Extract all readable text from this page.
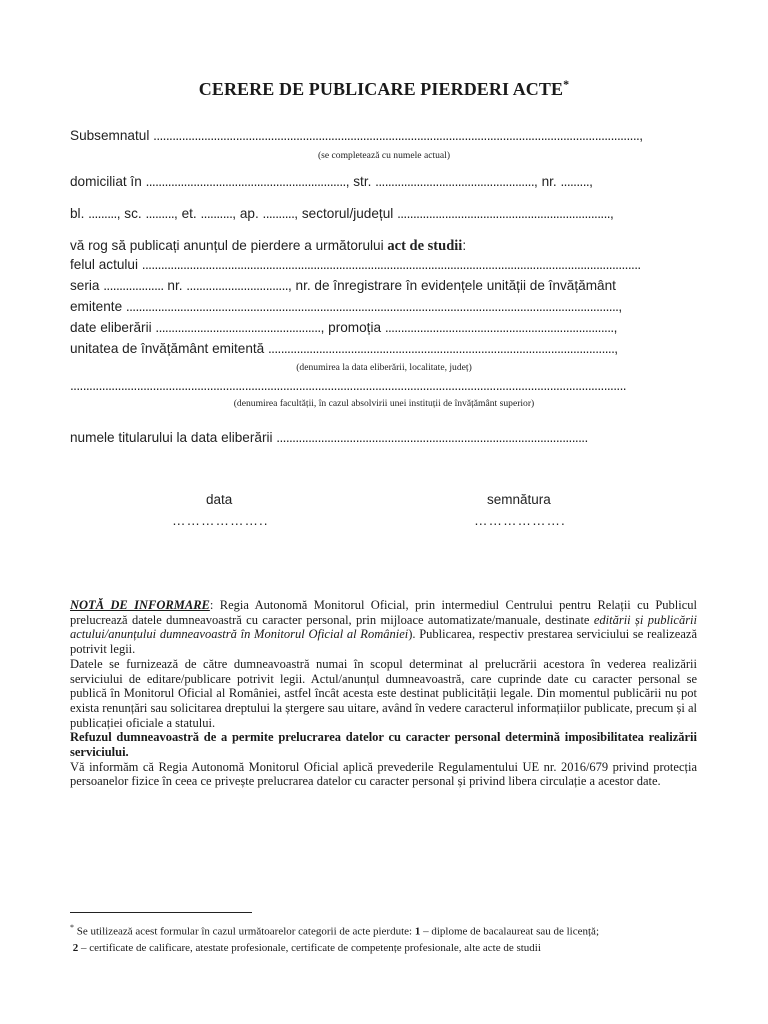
CERERE DE PUBLICARE PIERDERI ACTE*
Subsemnatul .........................................................................................................................................................,
(se completează cu numele actual)
domiciliat în ..............................................................., str. .................................................., nr. .........,
bl. ........., sc. ........., et. .........., ap. .........., sectorul/județul ...................................................................,
vă rog să publicați anunțul de pierdere a următorului act de studii:
felul actului .............................................................................................................................................................
seria ................... nr. ................................, nr. de înregistrare în evidențele unității de învățământ
emitente ...........................................................................................................................................................,
date eliberării ...................................................., promoția ........................................................................,
unitatea de învățământ emitentă .............................................................................................................,
(denumirea la data eliberării, localitate, județ)
...............................................................................................................................................................................
(denumirea facultății, în cazul absolvirii unei instituții de învățământ superior)
numele titularului la data eliberării ..................................................................................................
data
………………..
semnătura
……………….

NOTĂ DE INFORMARE: Regia Autonomă Monitorul Oficial, prin intermediul Centrului pentru Relații cu Publicul prelucrează datele dumneavoastră cu caracter personal, prin mijloace automatizate/manuale, destinate editării și publicării actului/anunțului dumneavoastră în Monitorul Oficial al României). Publicarea, respectiv prestarea serviciului se realizează potrivit legii.

Datele se furnizează de către dumneavoastră numai în scopul determinat al prelucrării acestora în vederea realizării serviciului de editare/publicare potrivit legii. Actul/anunțul dumneavoastră, care cuprinde date cu caracter personal se publică în Monitorul Oficial al României, astfel încât acesta este destinat publicității legale. Din momentul publicării nu pot exista renunțări sau solicitarea dreptului la ștergere sau uitare, având în vedere caracterul informațiilor publicate, precum și al publicației oficiale a statului.

Refuzul dumneavoastră de a permite prelucrarea datelor cu caracter personal determină imposibilitatea realizării serviciului.

Vă informăm că Regia Autonomă Monitorul Oficial aplică prevederile Regulamentului UE nr. 2016/679 privind protecția persoanelor fizice în ceea ce privește prelucrarea datelor cu caracter personal și privind libera circulație a acestor date.

* Se utilizează acest formular în cazul următoarelor categorii de acte pierdute: 1 – diplome de bacalaureat sau de licență;

2 – certificate de calificare, atestate profesionale, certificate de competențe profesionale, alte acte de studii
